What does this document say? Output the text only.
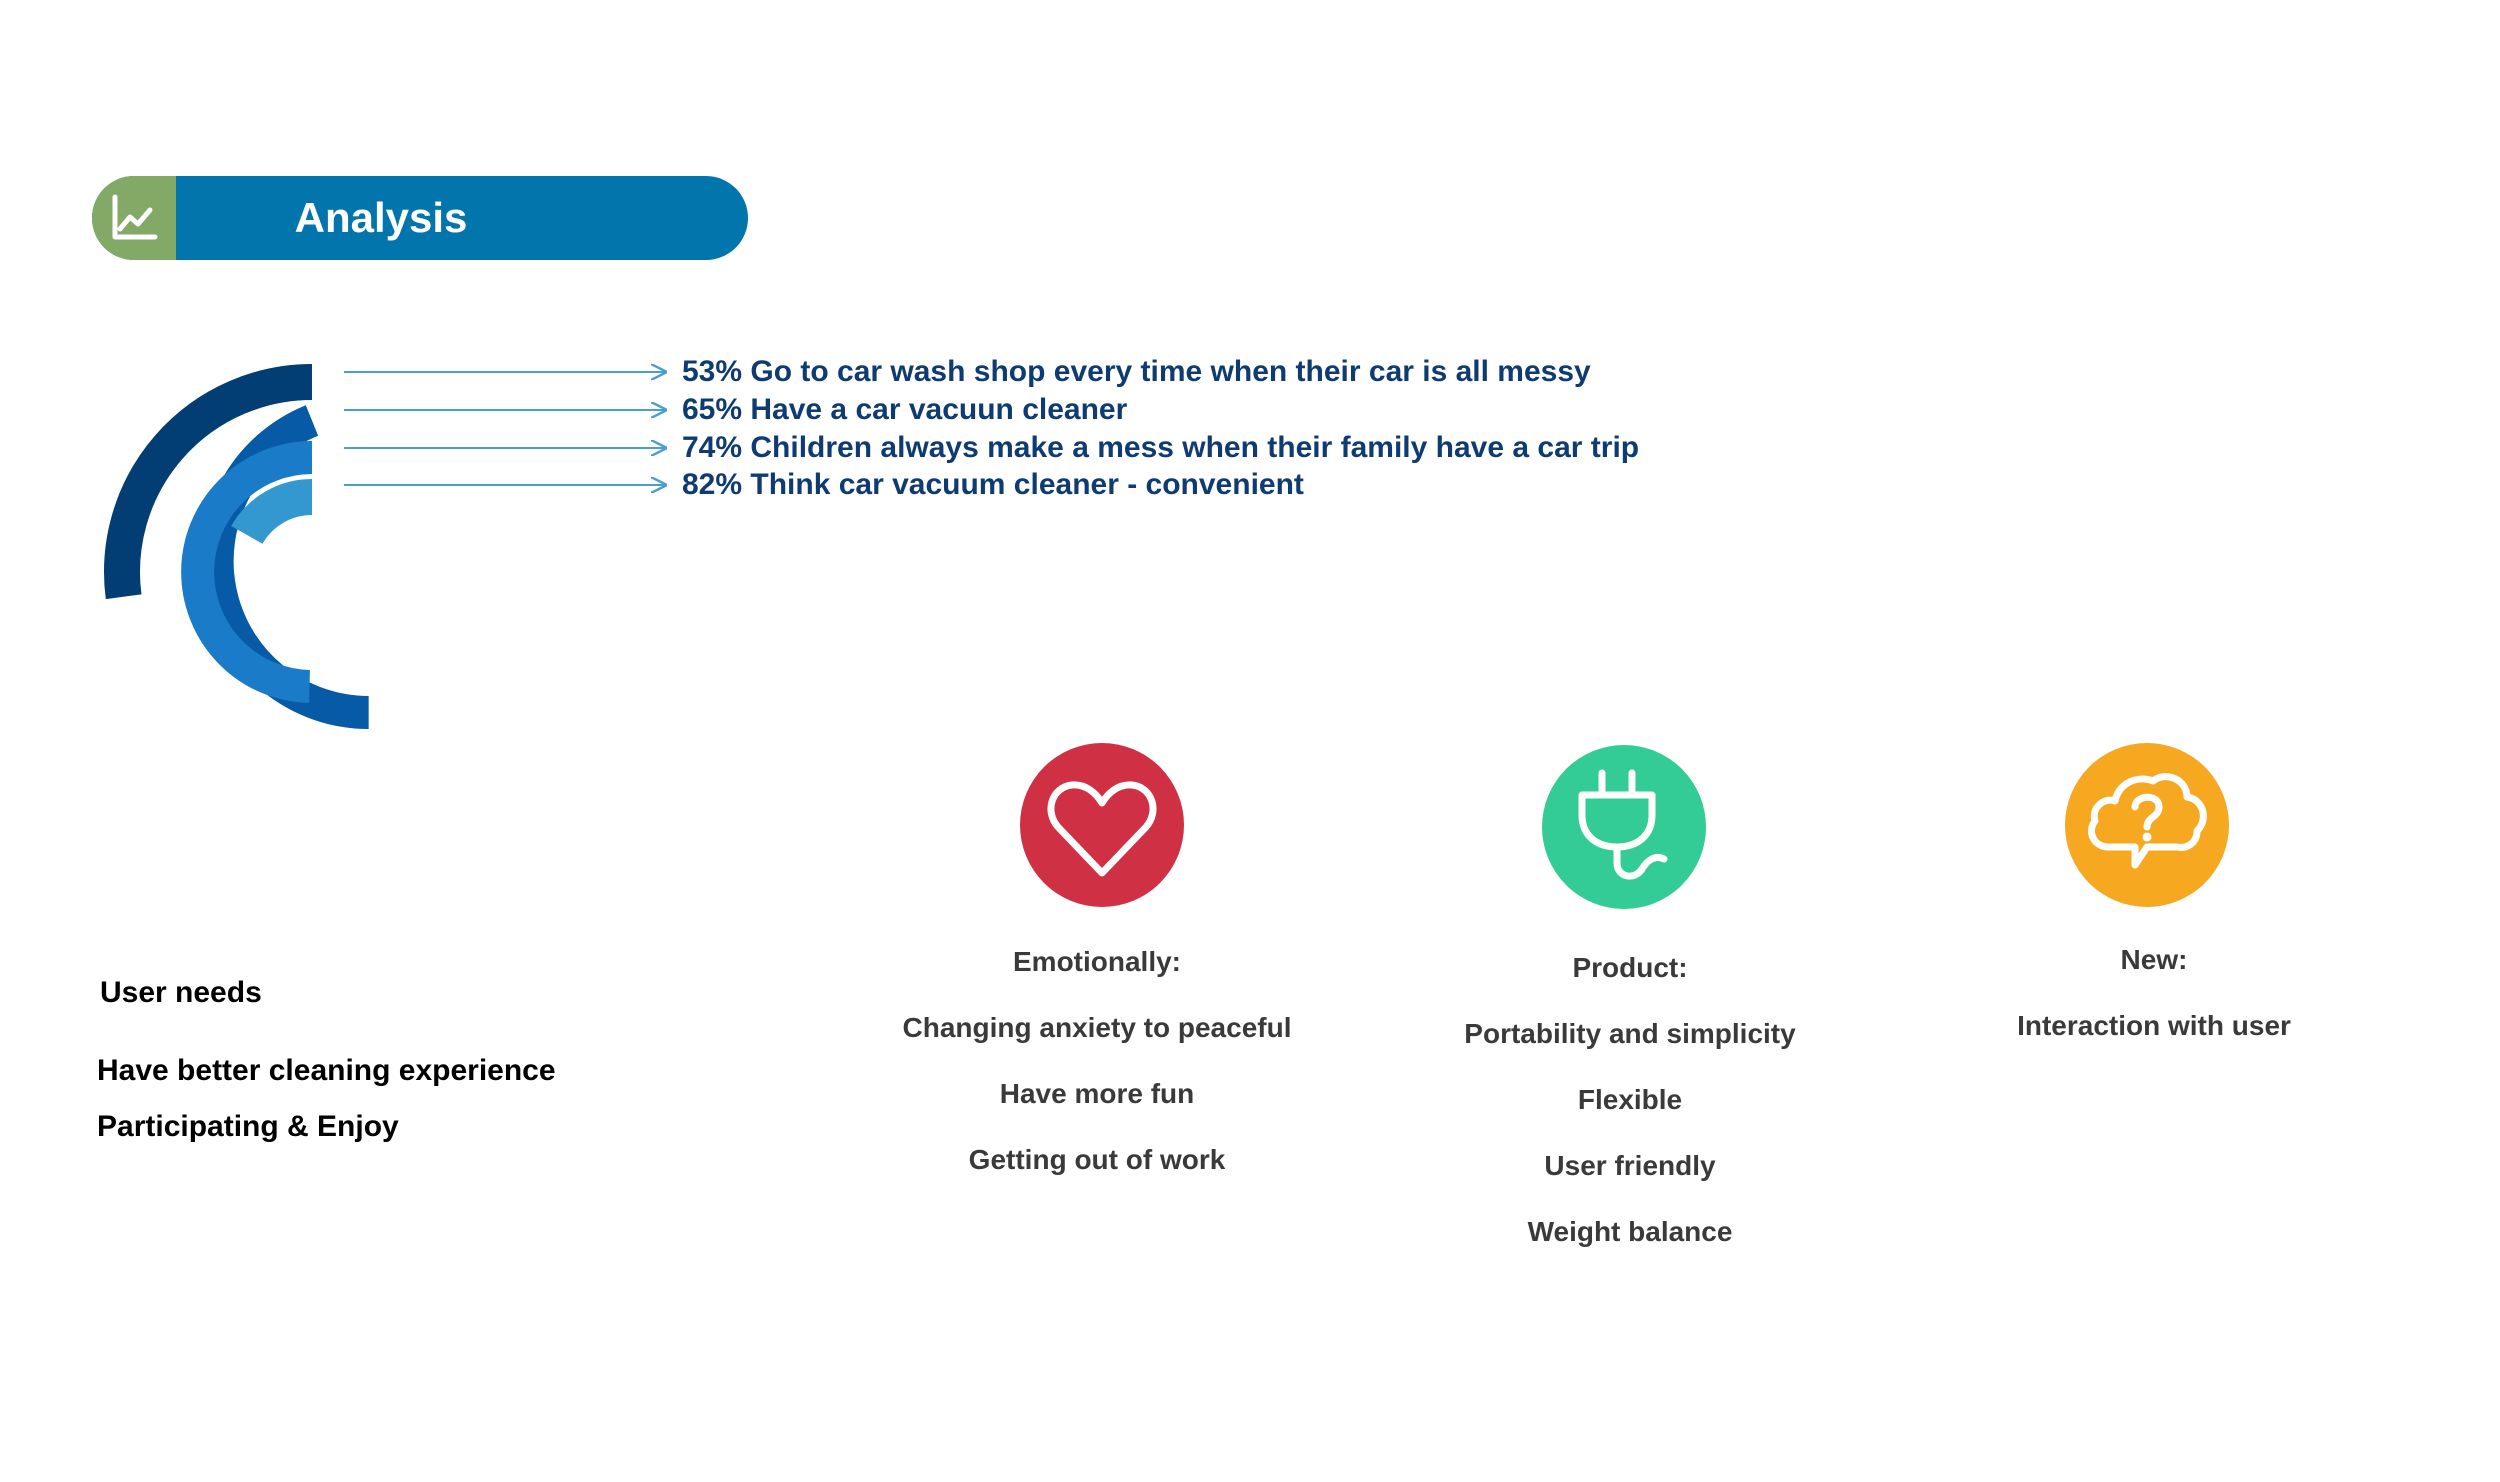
Analysis
53% Go to car wash shop every time when their car is all messy
65% Have a car vacuun cleaner
74% Children always make a mess when their family have a car trip
82% Think car vacuum cleaner - convenient
User needs
Have better cleaning experience
Participating & Enjoy
Emotionally:
Changing anxiety to peaceful
Have more fun
Getting out of work
Product:
Portability and simplicity
Flexible
User friendly
Weight balance
New:
Interaction with user
